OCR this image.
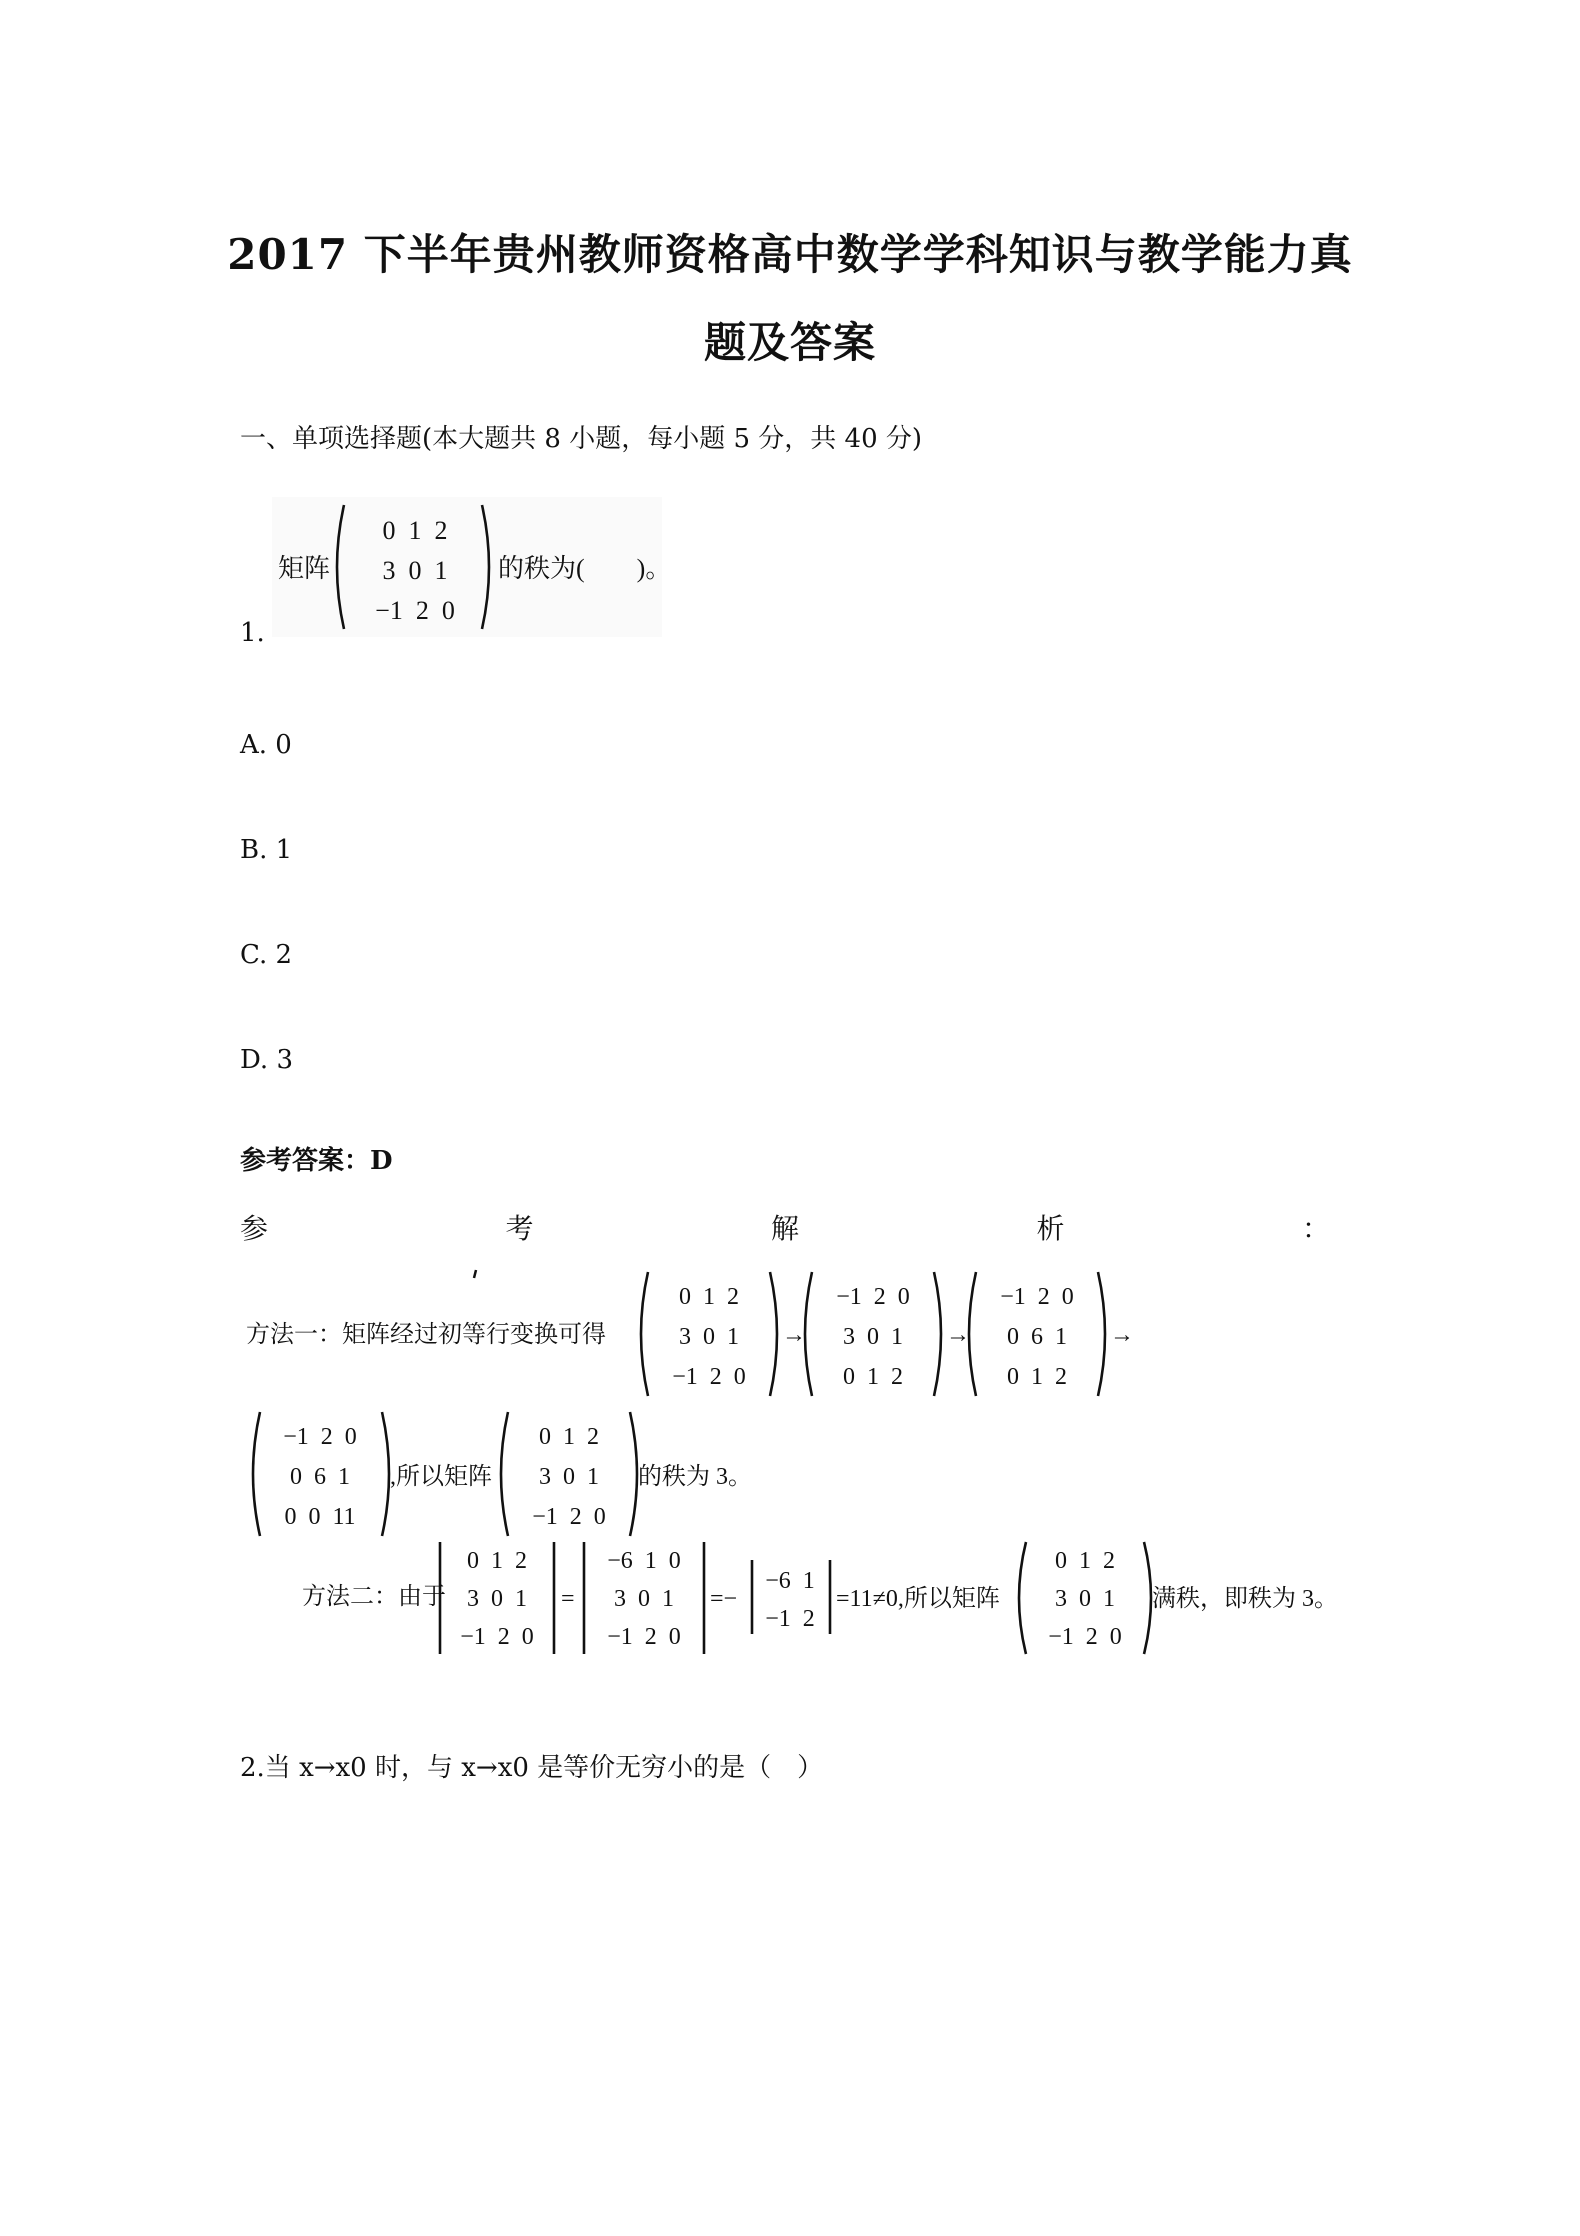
2017 下半年贵州教师资格高中数学学科知识与教学能力真
题及答案
一、单项选择题(本大题共 8 小题，每小题 5 分，共 40 分)
矩阵
0  1  2
3  0  1
−1  2  0
的秩为(　　)。
1.
A. 0
B. 1
C. 2
D. 3
参考答案：D
参	考	解	析	：
方法一：矩阵经过初等行变换可得
0  1  2
3  0  1
−1  2  0
→
−1  2  0
3  0  1
0  1  2
→
−1  2  0
0  6  1
0  1  2
→
−1  2  0
0  6  1
0  0  11
,所以矩阵
0  1  2
3  0  1
−1  2  0
的秩为 3。
方法二：由于
0  1  2
3  0  1
−1  2  0
=
−6  1  0
3  0  1
−1  2  0
=−
−6  1
−1  2
=11≠0,所以矩阵
0  1  2
3  0  1
−1  2  0
满秩，即秩为 3。
2.当 x→x0 时，与 x→x0 是等价无穷小的是（　）
